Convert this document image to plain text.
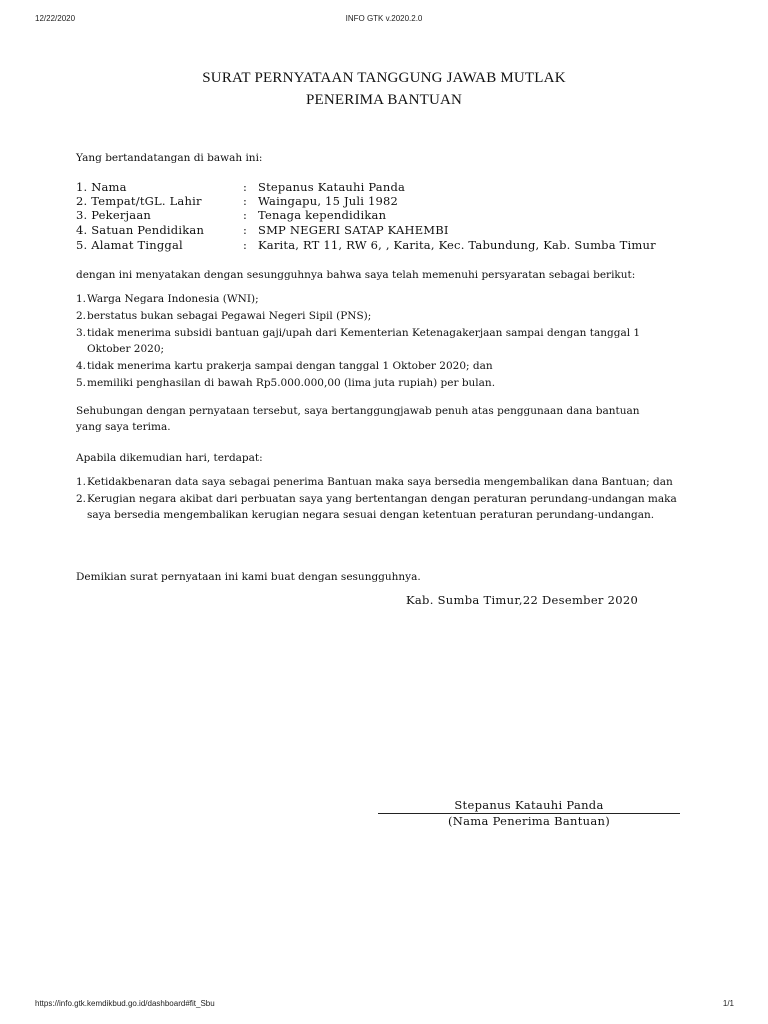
12/22/2020	INFO GTK v.2020.2.0
SURAT PERNYATAAN TANGGUNG JAWAB MUTLAK
PENERIMA BANTUAN
Yang bertandatangan di bawah ini:
1. Nama	: Stepanus Katauhi Panda
2. Tempat/tGL. Lahir	: Waingapu, 15 Juli 1982
3. Pekerjaan	: Tenaga kependidikan
4. Satuan Pendidikan	: SMP NEGERI SATAP KAHEMBI
5. Alamat Tinggal	: Karita, RT 11, RW 6, , Karita, Kec. Tabundung, Kab. Sumba Timur
dengan ini menyatakan dengan sesungguhnya bahwa saya telah memenuhi persyaratan sebagai berikut:
1. Warga Negara Indonesia (WNI);
2. berstatus bukan sebagai Pegawai Negeri Sipil (PNS);
3. tidak menerima subsidi bantuan gaji/upah dari Kementerian Ketenagakerjaan sampai dengan tanggal 1 Oktober 2020;
4. tidak menerima kartu prakerja sampai dengan tanggal 1 Oktober 2020; dan
5. memiliki penghasilan di bawah Rp5.000.000,00 (lima juta rupiah) per bulan.
Sehubungan dengan pernyataan tersebut, saya bertanggungjawab penuh atas penggunaan dana bantuan
yang saya terima.
Apabila dikemudian hari, terdapat:
1. Ketidakbenaran data saya sebagai penerima Bantuan maka saya bersedia mengembalikan dana Bantuan; dan
2. Kerugian negara akibat dari perbuatan saya yang bertentangan dengan peraturan perundang-undangan maka saya bersedia mengembalikan kerugian negara sesuai dengan ketentuan peraturan perundang-undangan.
Demikian surat pernyataan ini kami buat dengan sesungguhnya.
Kab. Sumba Timur,22 Desember 2020
Stepanus Katauhi Panda
(Nama Penerima Bantuan)
https://info.gtk.kemdikbud.go.id/dashboard#fit_Sbu	1/1
